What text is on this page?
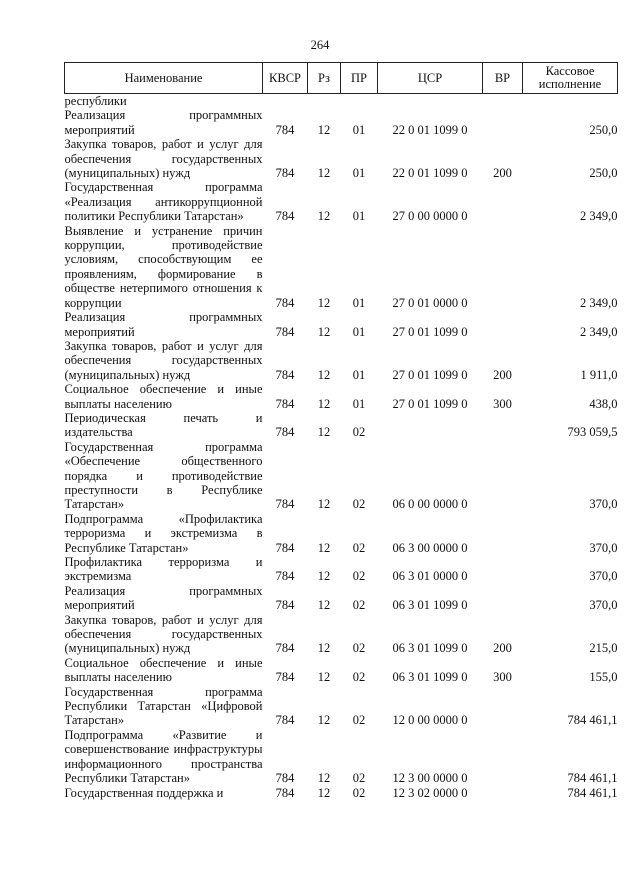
264
Наименование	КВСР	Рз	ПР	ЦСР	ВР	Кассовое исполнение
республики						
Реализация программных мероприятий	784	12	01	22 0 01 1099 0		250,0
Закупка товаров, работ и услуг для обеспечения государственных (муниципальных) нужд	784	12	01	22 0 01 1099 0	200	250,0
Государственная программа «Реализация антикоррупционной политики Республики Татарстан»	784	12	01	27 0 00 0000 0		2 349,0
Выявление и устранение причин коррупции, противодействие условиям, способствующим ее проявлениям, формирование в обществе нетерпимого отношения к коррупции	784	12	01	27 0 01 0000 0		2 349,0
Реализация программных мероприятий	784	12	01	27 0 01 1099 0		2 349,0
Закупка товаров, работ и услуг для обеспечения государственных (муниципальных) нужд	784	12	01	27 0 01 1099 0	200	1 911,0
Социальное обеспечение и иные выплаты населению	784	12	01	27 0 01 1099 0	300	438,0
Периодическая печать и издательства	784	12	02			793 059,5
Государственная программа «Обеспечение общественного порядка и противодействие преступности в Республике Татарстан»	784	12	02	06 0 00 0000 0		370,0
Подпрограмма «Профилактика терроризма и экстремизма в Республике Татарстан»	784	12	02	06 3 00 0000 0		370,0
Профилактика терроризма и экстремизма	784	12	02	06 3 01 0000 0		370,0
Реализация программных мероприятий	784	12	02	06 3 01 1099 0		370,0
Закупка товаров, работ и услуг для обеспечения государственных (муниципальных) нужд	784	12	02	06 3 01 1099 0	200	215,0
Социальное обеспечение и иные выплаты населению	784	12	02	06 3 01 1099 0	300	155,0
Государственная программа Республики Татарстан «Цифровой Татарстан»	784	12	02	12 0 00 0000 0		784 461,1
Подпрограмма «Развитие и совершенствование инфраструктуры информационного пространства Республики Татарстан»	784	12	02	12 3 00 0000 0		784 461,1
Государственная поддержка и	784	12	02	12 3 02 0000 0		784 461,1
